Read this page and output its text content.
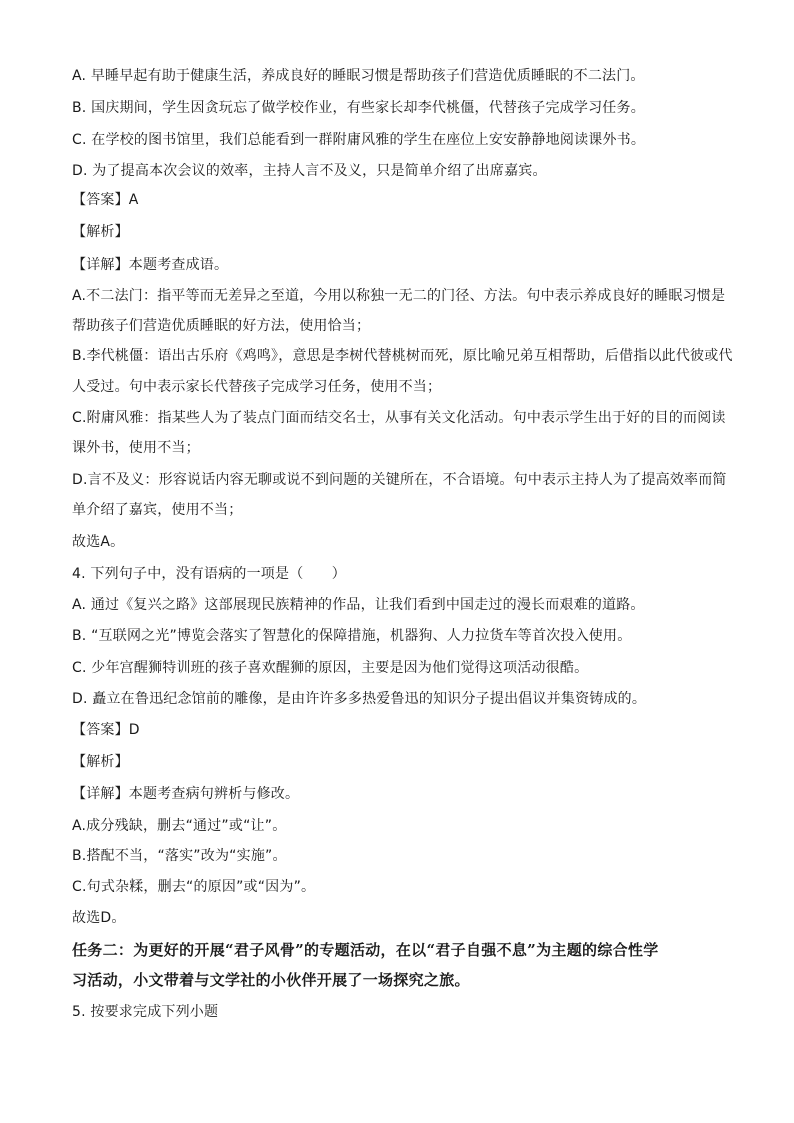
A. 早睡早起有助于健康生活，养成良好的睡眠习惯是帮助孩子们营造优质睡眠的不二法门。
B. 国庆期间，学生因贪玩忘了做学校作业，有些家长却李代桃僵，代替孩子完成学习任务。
C. 在学校的图书馆里，我们总能看到一群附庸风雅的学生在座位上安安静静地阅读课外书。
D. 为了提高本次会议的效率，主持人言不及义，只是简单介绍了出席嘉宾。
【答案】A
【解析】
【详解】本题考查成语。
A.不二法门：指平等而无差异之至道，今用以称独一无二的门径、方法。句中表示养成良好的睡眠习惯是
帮助孩子们营造优质睡眠的好方法，使用恰当；
B.李代桃僵：语出古乐府《鸡鸣》，意思是李树代替桃树而死，原比喻兄弟互相帮助，后借指以此代彼或代
人受过。句中表示家长代替孩子完成学习任务，使用不当；
C.附庸风雅：指某些人为了装点门面而结交名士，从事有关文化活动。句中表示学生出于好的目的而阅读
课外书，使用不当；
D.言不及义：形容说话内容无聊或说不到问题的关键所在，不合语境。句中表示主持人为了提高效率而简
单介绍了嘉宾，使用不当；
故选A。
4. 下列句子中，没有语病的一项是（　　）
A. 通过《复兴之路》这部展现民族精神的作品，让我们看到中国走过的漫长而艰难的道路。
B. “互联网之光”博览会落实了智慧化的保障措施，机器狗、人力拉货车等首次投入使用。
C. 少年宫醒狮特训班的孩子喜欢醒狮的原因，主要是因为他们觉得这项活动很酷。
D. 矗立在鲁迅纪念馆前的雕像，是由许许多多热爱鲁迅的知识分子提出倡议并集资铸成的。
【答案】D
【解析】
【详解】本题考查病句辨析与修改。
A.成分残缺，删去“通过”或“让”。
B.搭配不当，“落实”改为“实施”。
C.句式杂糅，删去“的原因”或“因为”。
故选D。
任务二：为更好的开展“君子风骨”的专题活动，在以“君子自强不息”为主题的综合性学
习活动，小文带着与文学社的小伙伴开展了一场探究之旅。
5. 按要求完成下列小题
